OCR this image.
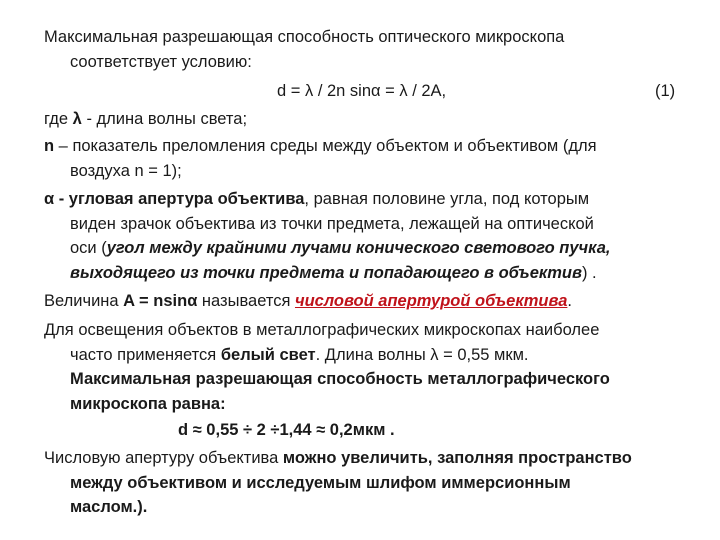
Максимальная разрешающая способность оптического микроскопа
соответствует условию:

d = λ / 2n sinα = λ / 2A,	(1)

где λ - длина волны света;

n – показатель преломления среды между объектом и объективом (для
воздуха n = 1);

α - угловая апертура объектива, равная половине угла, под которым
виден зрачок объектива из точки предмета, лежащей на оптической
оси (угол между крайними лучами конического светового пучка,
выходящего из точки предмета и попадающего в объектив) .

Величина A = nsinα называется числовой апертурой объектива.

Для освещения объектов в металлографических микроскопах наиболее
часто применяется белый свет. Длина волны λ = 0,55 мкм.
Максимальная разрешающая способность металлографического
микроскопа равна:

d ≈ 0,55 ÷ 2 ÷1,44 ≈ 0,2мкм .

Числовую апертуру объектива можно увеличить, заполняя пространство
между объективом и исследуемым шлифом иммерсионным
маслом.).
